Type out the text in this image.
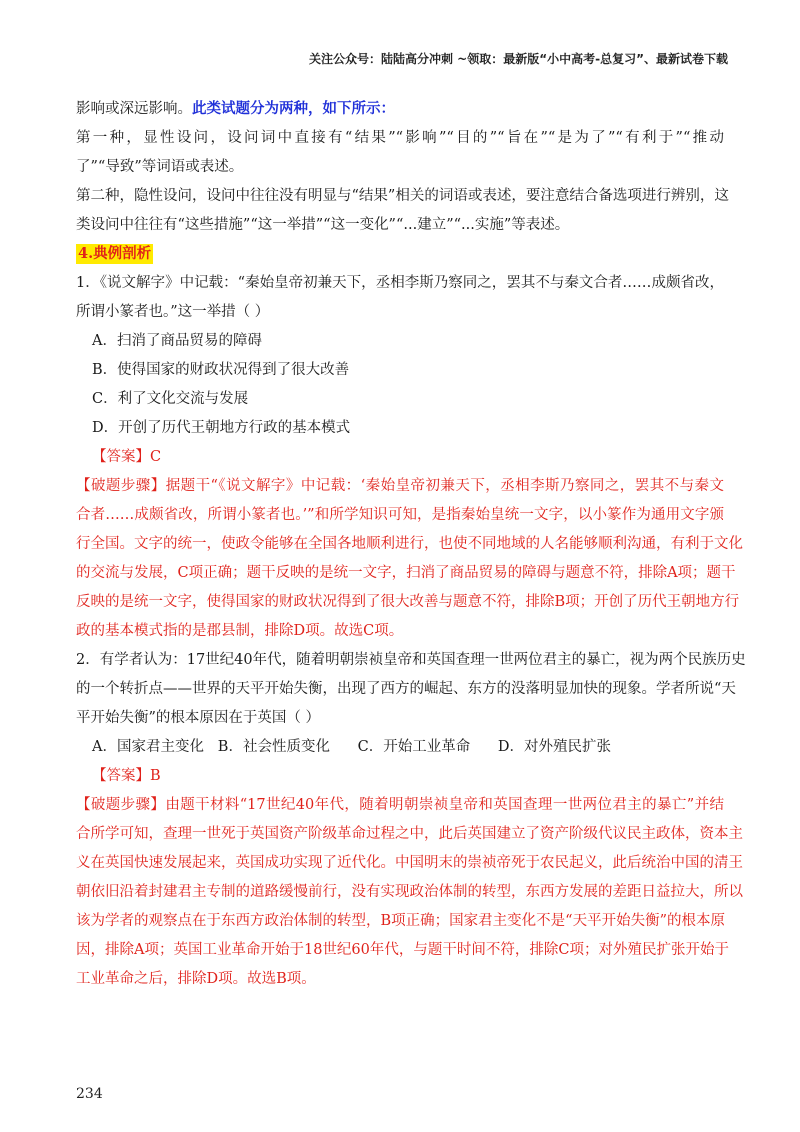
关注公众号：陆陆高分冲刺 ~领取：最新版“小中高考-总复习”、最新试卷下载
影响或深远影响。此类试题分为两种，如下所示：
第一种，显性设问，设问词中直接有“结果”“影响”“目的”“旨在”“是为了”“有利于”“推动
了”“导致”等词语或表述。
第二种，隐性设问，设问中往往没有明显与“结果”相关的词语或表述，要注意结合备选项进行辨别，这
类设问中往往有“这些措施”“这一举措”“这一变化”“...建立”“...实施”等表述。
4.典例剖析
1．《说文解字》中记载：“秦始皇帝初兼天下，丞相李斯乃察同之，罢其不与秦文合者……成颇省改，
所谓小篆者也。”这一举措（ ）
A．扫消了商品贸易的障碍
B．使得国家的财政状况得到了很大改善
C．利了文化交流与发展
D．开创了历代王朝地方行政的基本模式
【答案】C
【破题步骤】据题干“《说文解字》中记载：‘秦始皇帝初兼天下，丞相李斯乃察同之，罢其不与秦文
合者……成颇省改，所谓小篆者也。’”和所学知识可知，是指秦始皇统一文字，以小篆作为通用文字颁
行全国。文字的统一，使政令能够在全国各地顺利进行，也使不同地域的人名能够顺利沟通，有利于文化
的交流与发展，C项正确；题干反映的是统一文字，扫消了商品贸易的障碍与题意不符，排除A项；题干
反映的是统一文字，使得国家的财政状况得到了很大改善与题意不符，排除B项；开创了历代王朝地方行
政的基本模式指的是郡县制，排除D项。故选C项。
2．有学者认为：17世纪40年代，随着明朝崇祯皇帝和英国查理一世两位君主的暴亡，视为两个民族历史
的一个转折点——世界的天平开始失衡，出现了西方的崛起、东方的没落明显加快的现象。学者所说“天
平开始失衡”的根本原因在于英国（ ）
A．国家君主变化   B．社会性质变化      C．开始工业革命      D．对外殖民扩张
【答案】B
【破题步骤】由题干材料“17世纪40年代，随着明朝崇祯皇帝和英国查理一世两位君主的暴亡”并结
合所学可知，查理一世死于英国资产阶级革命过程之中，此后英国建立了资产阶级代议民主政体，资本主
义在英国快速发展起来，英国成功实现了近代化。中国明末的崇祯帝死于农民起义，此后统治中国的清王
朝依旧沿着封建君主专制的道路缓慢前行，没有实现政治体制的转型，东西方发展的差距日益拉大，所以
该为学者的观察点在于东西方政治体制的转型，B项正确；国家君主变化不是“天平开始失衡”的根本原
因，排除A项；英国工业革命开始于18世纪60年代，与题干时间不符，排除C项；对外殖民扩张开始于
工业革命之后，排除D项。故选B项。
234
